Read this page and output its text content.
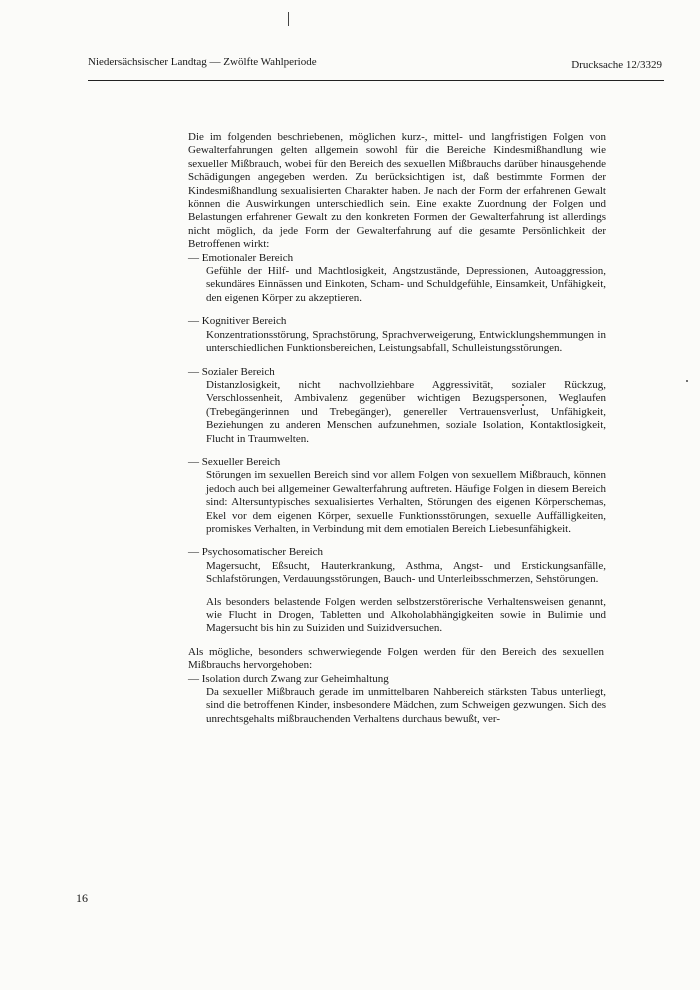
Niedersächsischer Landtag — Zwölfte Wahlperiode	Drucksache 12/3329

Die im folgenden beschriebenen, möglichen kurz-, mittel- und langfristigen Folgen von Gewalterfahrungen gelten allgemein sowohl für die Bereiche Kindesmißhandlung wie sexueller Mißbrauch, wobei für den Bereich des sexuellen Mißbrauchs darüber hinausgehende Schädigungen angegeben werden. Zu berücksichtigen ist, daß bestimmte Formen der Kindesmißhandlung sexualisierten Charakter haben. Je nach der Form der erfahrenen Gewalt können die Auswirkungen unterschiedlich sein. Eine exakte Zuordnung der Folgen und Belastungen erfahrener Gewalt zu den konkreten Formen der Gewalterfahrung ist allerdings nicht möglich, da jede Form der Gewalterfahrung auf die gesamte Persönlichkeit der Betroffenen wirkt:

— Emotionaler Bereich

Gefühle der Hilf- und Machtlosigkeit, Angstzustände, Depressionen, Autoaggression, sekundäres Einnässen und Einkoten, Scham- und Schuldgefühle, Einsamkeit, Unfähigkeit, den eigenen Körper zu akzeptieren.

— Kognitiver Bereich

Konzentrationsstörung, Sprachstörung, Sprachverweigerung, Entwicklungshemmungen in unterschiedlichen Funktionsbereichen, Leistungsabfall, Schulleistungsstörungen.

— Sozialer Bereich

Distanzlosigkeit, nicht nachvollziehbare Aggressivität, sozialer Rückzug, Verschlossenheit, Ambivalenz gegenüber wichtigen Bezugspersonen, Weglaufen (Trebegängerinnen und Trebegänger), genereller Vertrauensverlust, Unfähigkeit, Beziehungen zu anderen Menschen aufzunehmen, soziale Isolation, Kontaktlosigkeit, Flucht in Traumwelten.

— Sexueller Bereich

Störungen im sexuellen Bereich sind vor allem Folgen von sexuellem Mißbrauch, können jedoch auch bei allgemeiner Gewalterfahrung auftreten. Häufige Folgen in diesem Bereich sind: Altersuntypisches sexualisiertes Verhalten, Störungen des eigenen Körperschemas, Ekel vor dem eigenen Körper, sexuelle Funktionsstörungen, sexuelle Auffälligkeiten, promiskes Verhalten, in Verbindung mit dem emotialen Bereich Liebesunfähigkeit.

— Psychosomatischer Bereich

Magersucht, Eßsucht, Hauterkrankung, Asthma, Angst- und Erstickungsanfälle, Schlafstörungen, Verdauungsstörungen, Bauch- und Unterleibsschmerzen, Sehstörungen.

Als besonders belastende Folgen werden selbstzerstörerische Verhaltensweisen genannt, wie Flucht in Drogen, Tabletten und Alkoholabhängigkeiten sowie in Bulimie und Magersucht bis hin zu Suiziden und Suizidversuchen.

Als mögliche, besonders schwerwiegende Folgen werden für den Bereich des sexuellen Mißbrauchs hervorgehoben:

— Isolation durch Zwang zur Geheimhaltung

Da sexueller Mißbrauch gerade im unmittelbaren Nahbereich stärksten Tabus unterliegt, sind die betroffenen Kinder, insbesondere Mädchen, zum Schweigen gezwungen. Sich des unrechtsgehalts mißbrauchenden Verhaltens durchaus bewußt, ver-

16
